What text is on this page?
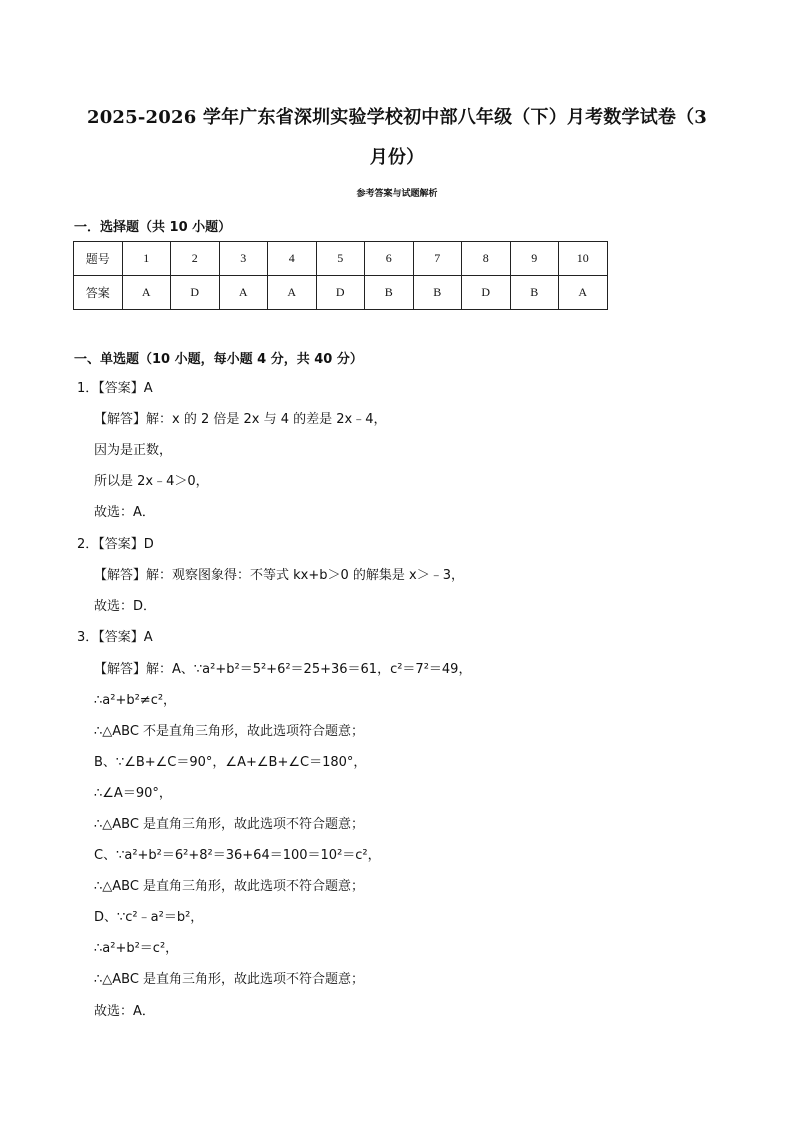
2025-2026 学年广东省深圳实验学校初中部八年级（下）月考数学试卷（3
月份）
参考答案与试题解析
一．选择题（共 10 小题）
题号	1	2	3	4	5	6	7	8	9	10
答案	A	D	A	A	D	B	B	D	B	A
一、单选题（10 小题，每小题 4 分，共 40 分）
1．【答案】A
【解答】解：x 的 2 倍是 2x 与 4 的差是 2x﹣4，
因为是正数，
所以是 2x﹣4＞0，
故选：A．
2．【答案】D
【解答】解：观察图象得：不等式 kx+b＞0 的解集是 x＞﹣3，
故选：D．
3．【答案】A
【解答】解：A、∵a²+b²＝5²+6²＝25+36＝61，c²＝7²＝49，
∴a²+b²≠c²，
∴△ABC 不是直角三角形，故此选项符合题意；
B、∵∠B+∠C＝90°，∠A+∠B+∠C＝180°，
∴∠A＝90°，
∴△ABC 是直角三角形，故此选项不符合题意；
C、∵a²+b²＝6²+8²＝36+64＝100＝10²＝c²，
∴△ABC 是直角三角形，故此选项不符合题意；
D、∵c²﹣a²＝b²，
∴a²+b²＝c²，
∴△ABC 是直角三角形，故此选项不符合题意；
故选：A．
